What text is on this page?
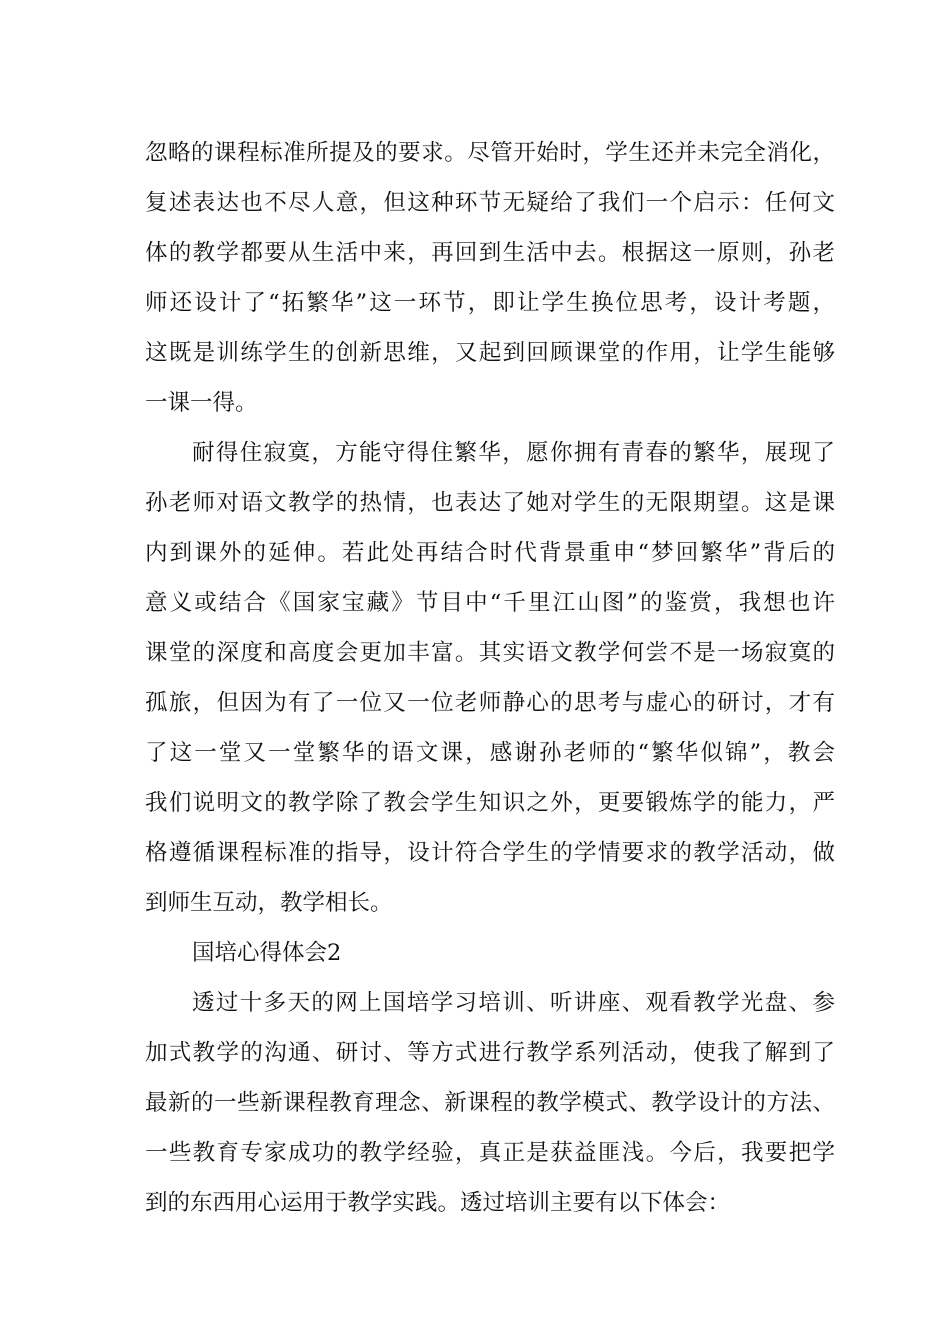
忽略的课程标准所提及的要求。尽管开始时，学生还并未完全消化，
复述表达也不尽人意，但这种环节无疑给了我们一个启示：任何文
体的教学都要从生活中来，再回到生活中去。根据这一原则，孙老
师还设计了“拓繁华”这一环节，即让学生换位思考，设计考题，
这既是训练学生的创新思维，又起到回顾课堂的作用，让学生能够
一课一得。
耐得住寂寞，方能守得住繁华，愿你拥有青春的繁华，展现了
孙老师对语文教学的热情，也表达了她对学生的无限期望。这是课
内到课外的延伸。若此处再结合时代背景重申“梦回繁华”背后的
意义或结合《国家宝藏》节目中“千里江山图”的鉴赏，我想也许
课堂的深度和高度会更加丰富。其实语文教学何尝不是一场寂寞的
孤旅，但因为有了一位又一位老师静心的思考与虚心的研讨，才有
了这一堂又一堂繁华的语文课，感谢孙老师的“繁华似锦”，教会
我们说明文的教学除了教会学生知识之外，更要锻炼学的能力，严
格遵循课程标准的指导，设计符合学生的学情要求的教学活动，做
到师生互动，教学相长。
国培心得体会2
透过十多天的网上国培学习培训、听讲座、观看教学光盘、参
加式教学的沟通、研讨、等方式进行教学系列活动，使我了解到了
最新的一些新课程教育理念、新课程的教学模式、教学设计的方法、
一些教育专家成功的教学经验，真正是获益匪浅。今后，我要把学
到的东西用心运用于教学实践。透过培训主要有以下体会：
